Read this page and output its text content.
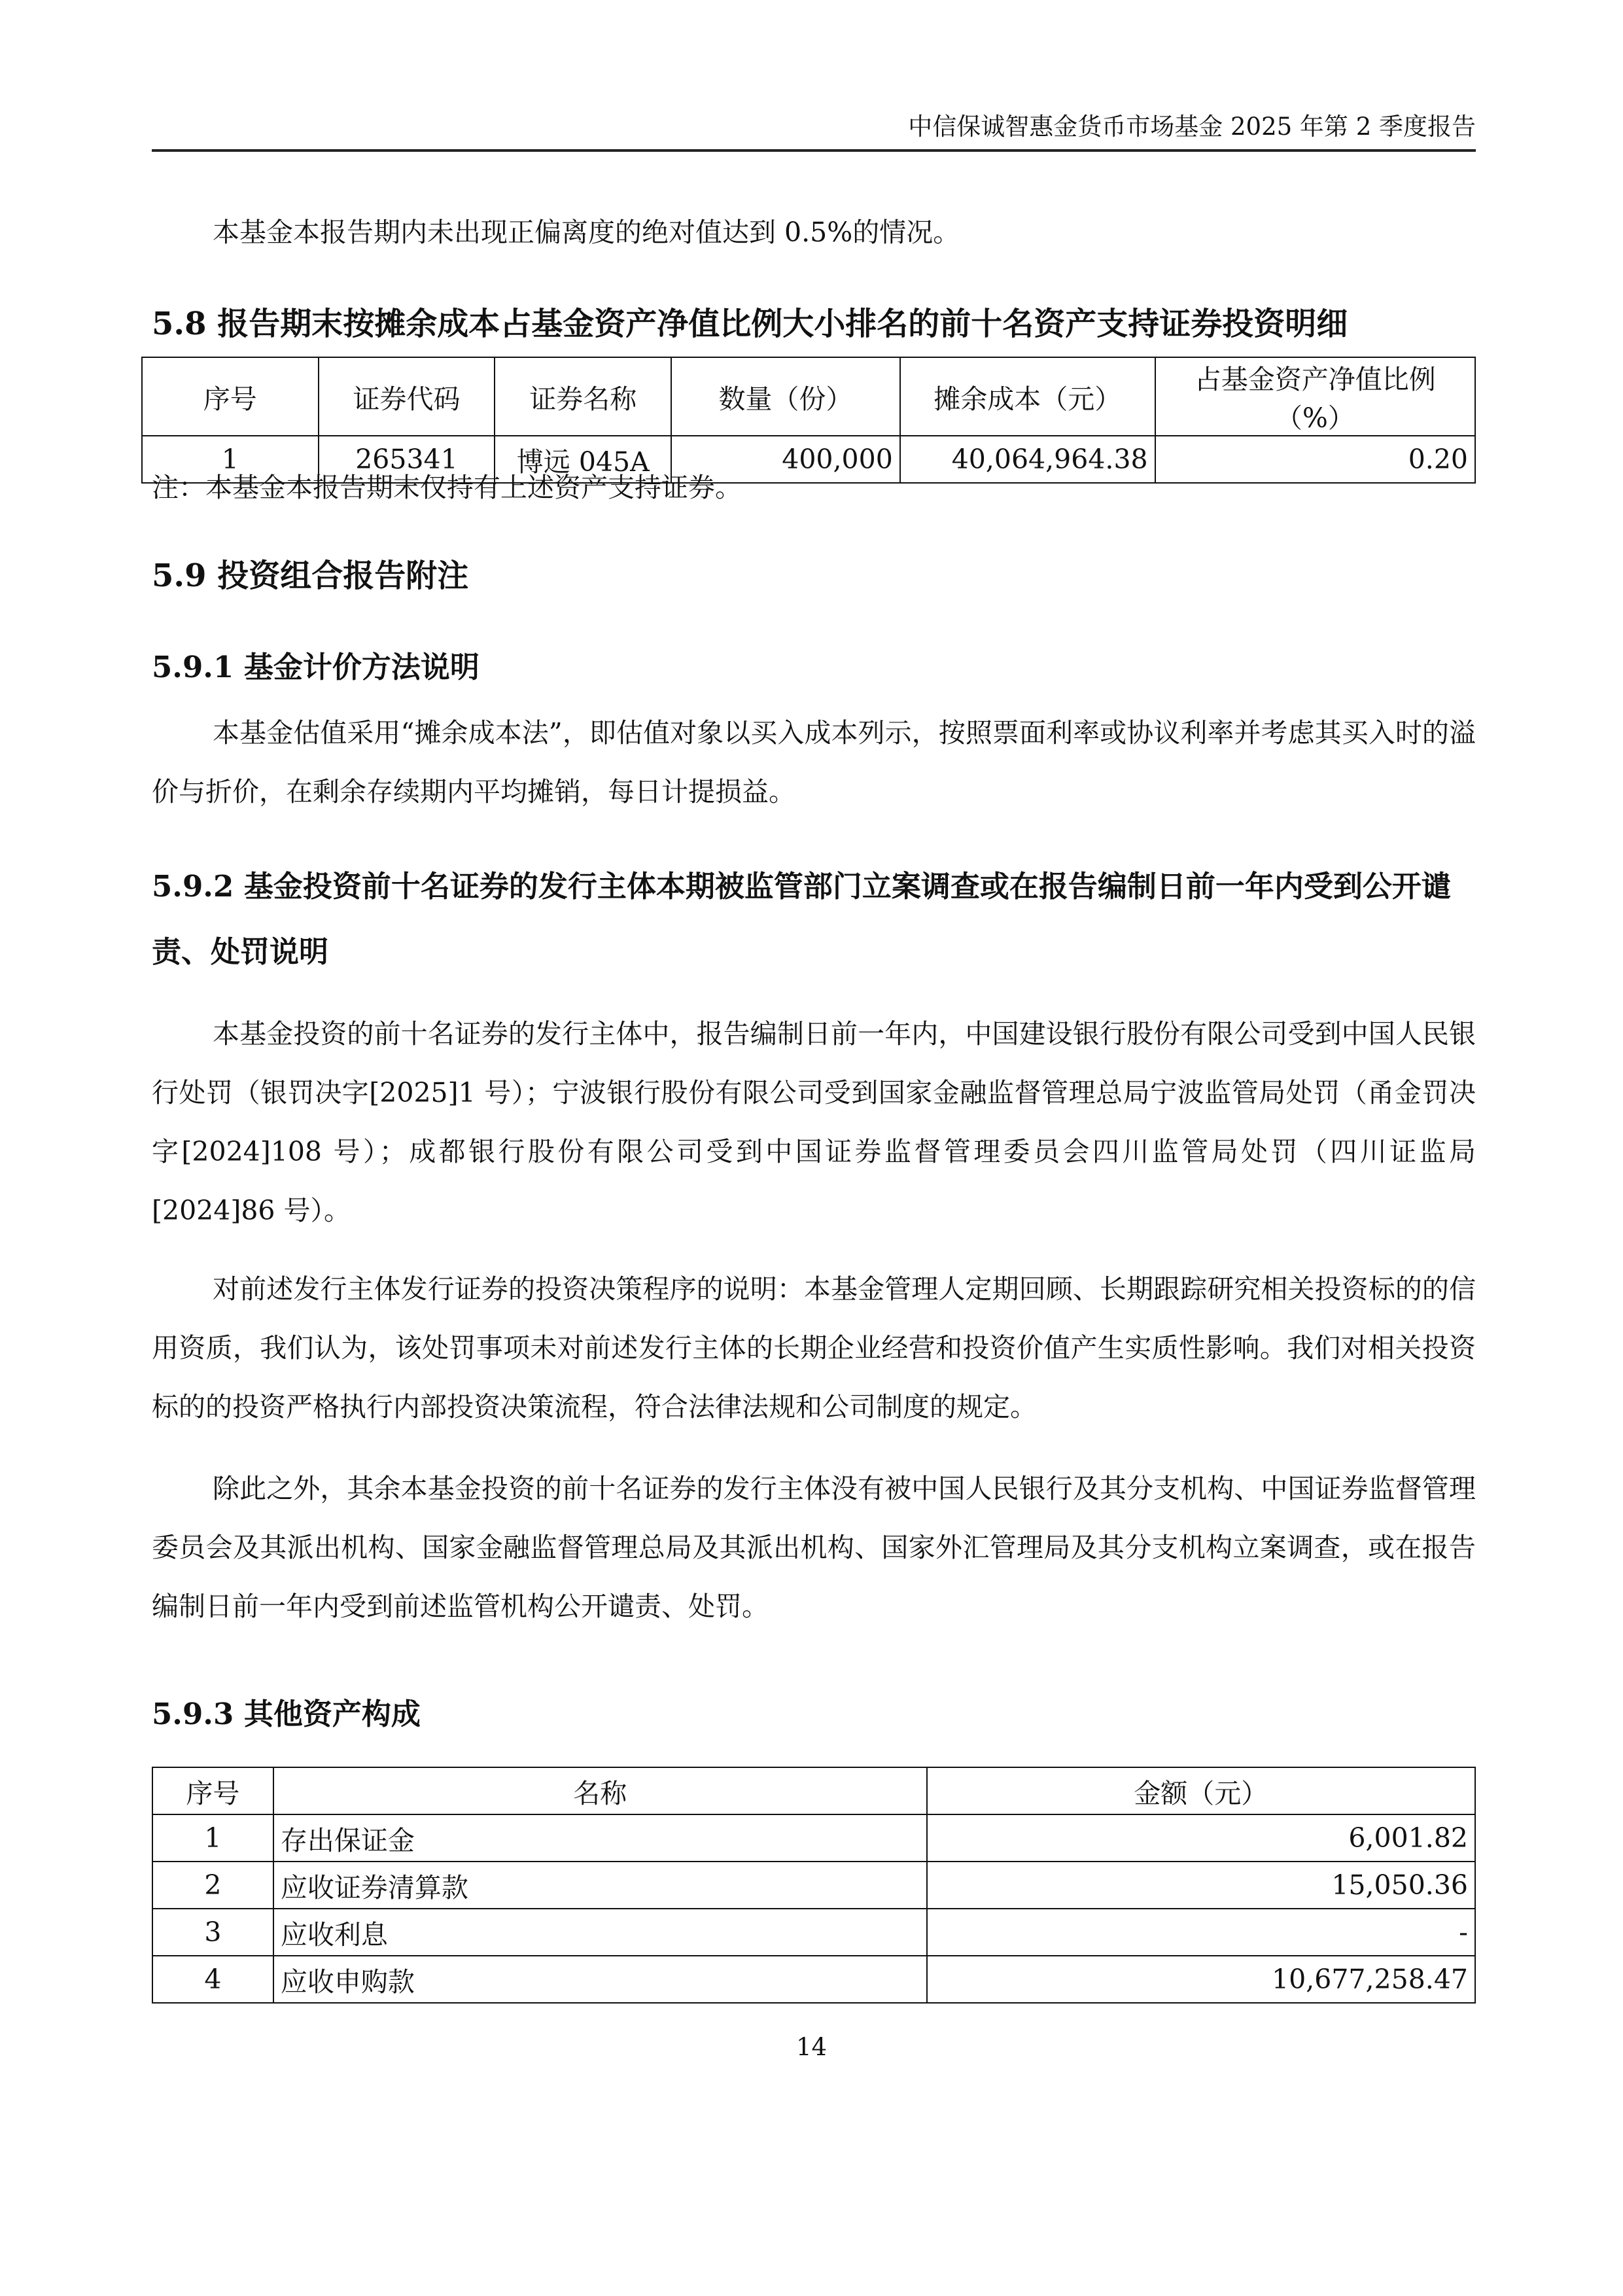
中信保诚智惠金货币市场基金 2025 年第 2 季度报告

本基金本报告期内未出现正偏离度的绝对值达到 0.5%的情况。

5.8 报告期末按摊余成本占基金资产净值比例大小排名的前十名资产支持证券投资明细
序号	证券代码	证券名称	数量（份）	摊余成本（元）	占基金资产净值比例（%）
1	265341	博远 045A	400,000	40,064,964.38	0.20
注：本基金本报告期末仅持有上述资产支持证券。
5.9 投资组合报告附注
5.9.1 基金计价方法说明

本基金估值采用“摊余成本法”，即估值对象以买入成本列示，按照票面利率或协议利率并考虑其买入时的溢价与折价，在剩余存续期内平均摊销，每日计提损益。

5.9.2 基金投资前十名证券的发行主体本期被监管部门立案调查或在报告编制日前一年内受到公开谴责、处罚说明

本基金投资的前十名证券的发行主体中，报告编制日前一年内，中国建设银行股份有限公司受到中国人民银行处罚（银罚决字[2025]1 号）；宁波银行股份有限公司受到国家金融监督管理总局宁波监管局处罚（甬金罚决字[2024]108 号）；成都银行股份有限公司受到中国证券监督管理委员会四川监管局处罚（四川证监局[2024]86 号）。

对前述发行主体发行证券的投资决策程序的说明：本基金管理人定期回顾、长期跟踪研究相关投资标的的信用资质，我们认为，该处罚事项未对前述发行主体的长期企业经营和投资价值产生实质性影响。我们对相关投资标的的投资严格执行内部投资决策流程，符合法律法规和公司制度的规定。

除此之外，其余本基金投资的前十名证券的发行主体没有被中国人民银行及其分支机构、中国证券监督管理委员会及其派出机构、国家金融监督管理总局及其派出机构、国家外汇管理局及其分支机构立案调查，或在报告编制日前一年内受到前述监管机构公开谴责、处罚。

5.9.3 其他资产构成
序号	名称	金额（元）
1	存出保证金	6,001.82
2	应收证券清算款	15,050.36
3	应收利息	-
4	应收申购款	10,677,258.47
14
